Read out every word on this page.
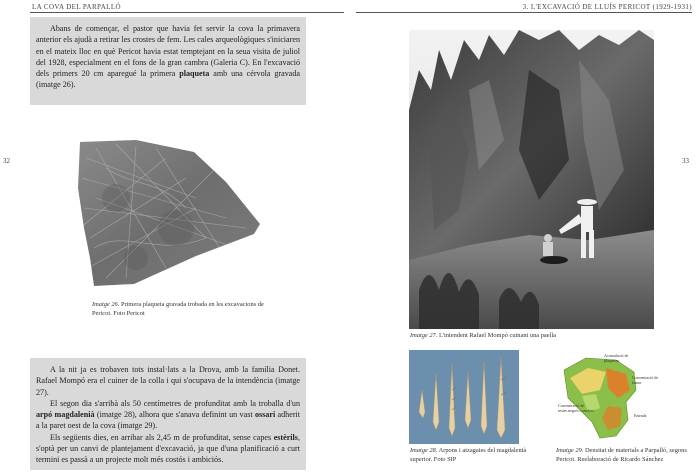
LA COVA DEL PARPALLÓ	3. L'EXCAVACIÓ DE LLUÍS PERICOT (1929-1931)
32	33

Abans de començar, el pastor que havia fet servir la cova la primavera anterior els ajudà a retirar les crostes de fem. Les cales arqueològiques s'iniciaren en el mateix lloc en què Pericot havia estat temptejant en la seua visita de juliol del 1928, especialment en el fons de la gran cambra (Galeria C). En l'excavació dels primers 20 cm aparegué la primera plaqueta amb una cérvola gravada (imatge 26).

Imatge 26. Primera plaqueta gravada trobada en les excavacions de Pericot. Foto Pericot
Imatge 27. L'intendent Rafael Mompó cuinant una paella

A la nit ja es trobaven tots instal·lats a la Drova, amb la família Donet. Rafael Mompó era el cuiner de la colla i qui s'ocupava de la intendència (imatge 27).

El segon dia s'arribà als 50 centímetres de profunditat amb la troballa d'un arpó magdalenià (imatge 28), alhora que s'anava definint un vast ossari adherit a la paret oest de la cova (imatge 29).

Els següents dies, en arribar als 2,45 m de profunditat, sense capes estèrils, s'optà per un canvi de plantejament d'excavació, ja que d'una planificació a curt termini es passà a un projecte molt més costós i ambiciós.

Imatge 28. Arpons i atzagaies del magdalenià superior. Foto SIP
Acumulació de plaquetes
Concentració de fauna
Concentració de restes negres i cendres
Entrada
Imatge 29. Densitat de materials a Parpalló, segons Pericot. Reelaboració de Ricardo Sánchez
